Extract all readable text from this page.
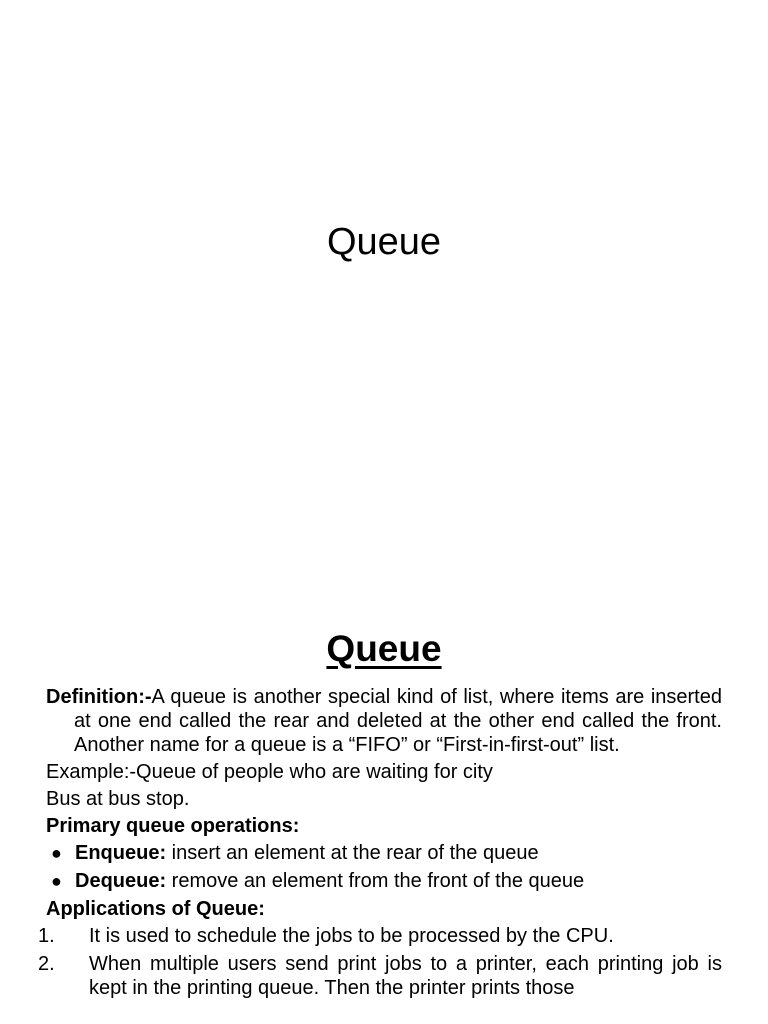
Queue
Queue

Definition:-A queue is another special kind of list, where items are inserted at one end called the rear and deleted at the other end called the front. Another name for a queue is a “FIFO” or “First-in-first-out” list.

Example:-Queue of people who are waiting for city

Bus at bus stop.

Primary queue operations:

● Enqueue: insert an element at the rear of the queue
● Dequeue: remove an element from the front of the queue

Applications of Queue:

1. It is used to schedule the jobs to be processed by the CPU.
2. When multiple users send print jobs to a printer, each printing job is kept in the printing queue. Then the printer prints those
